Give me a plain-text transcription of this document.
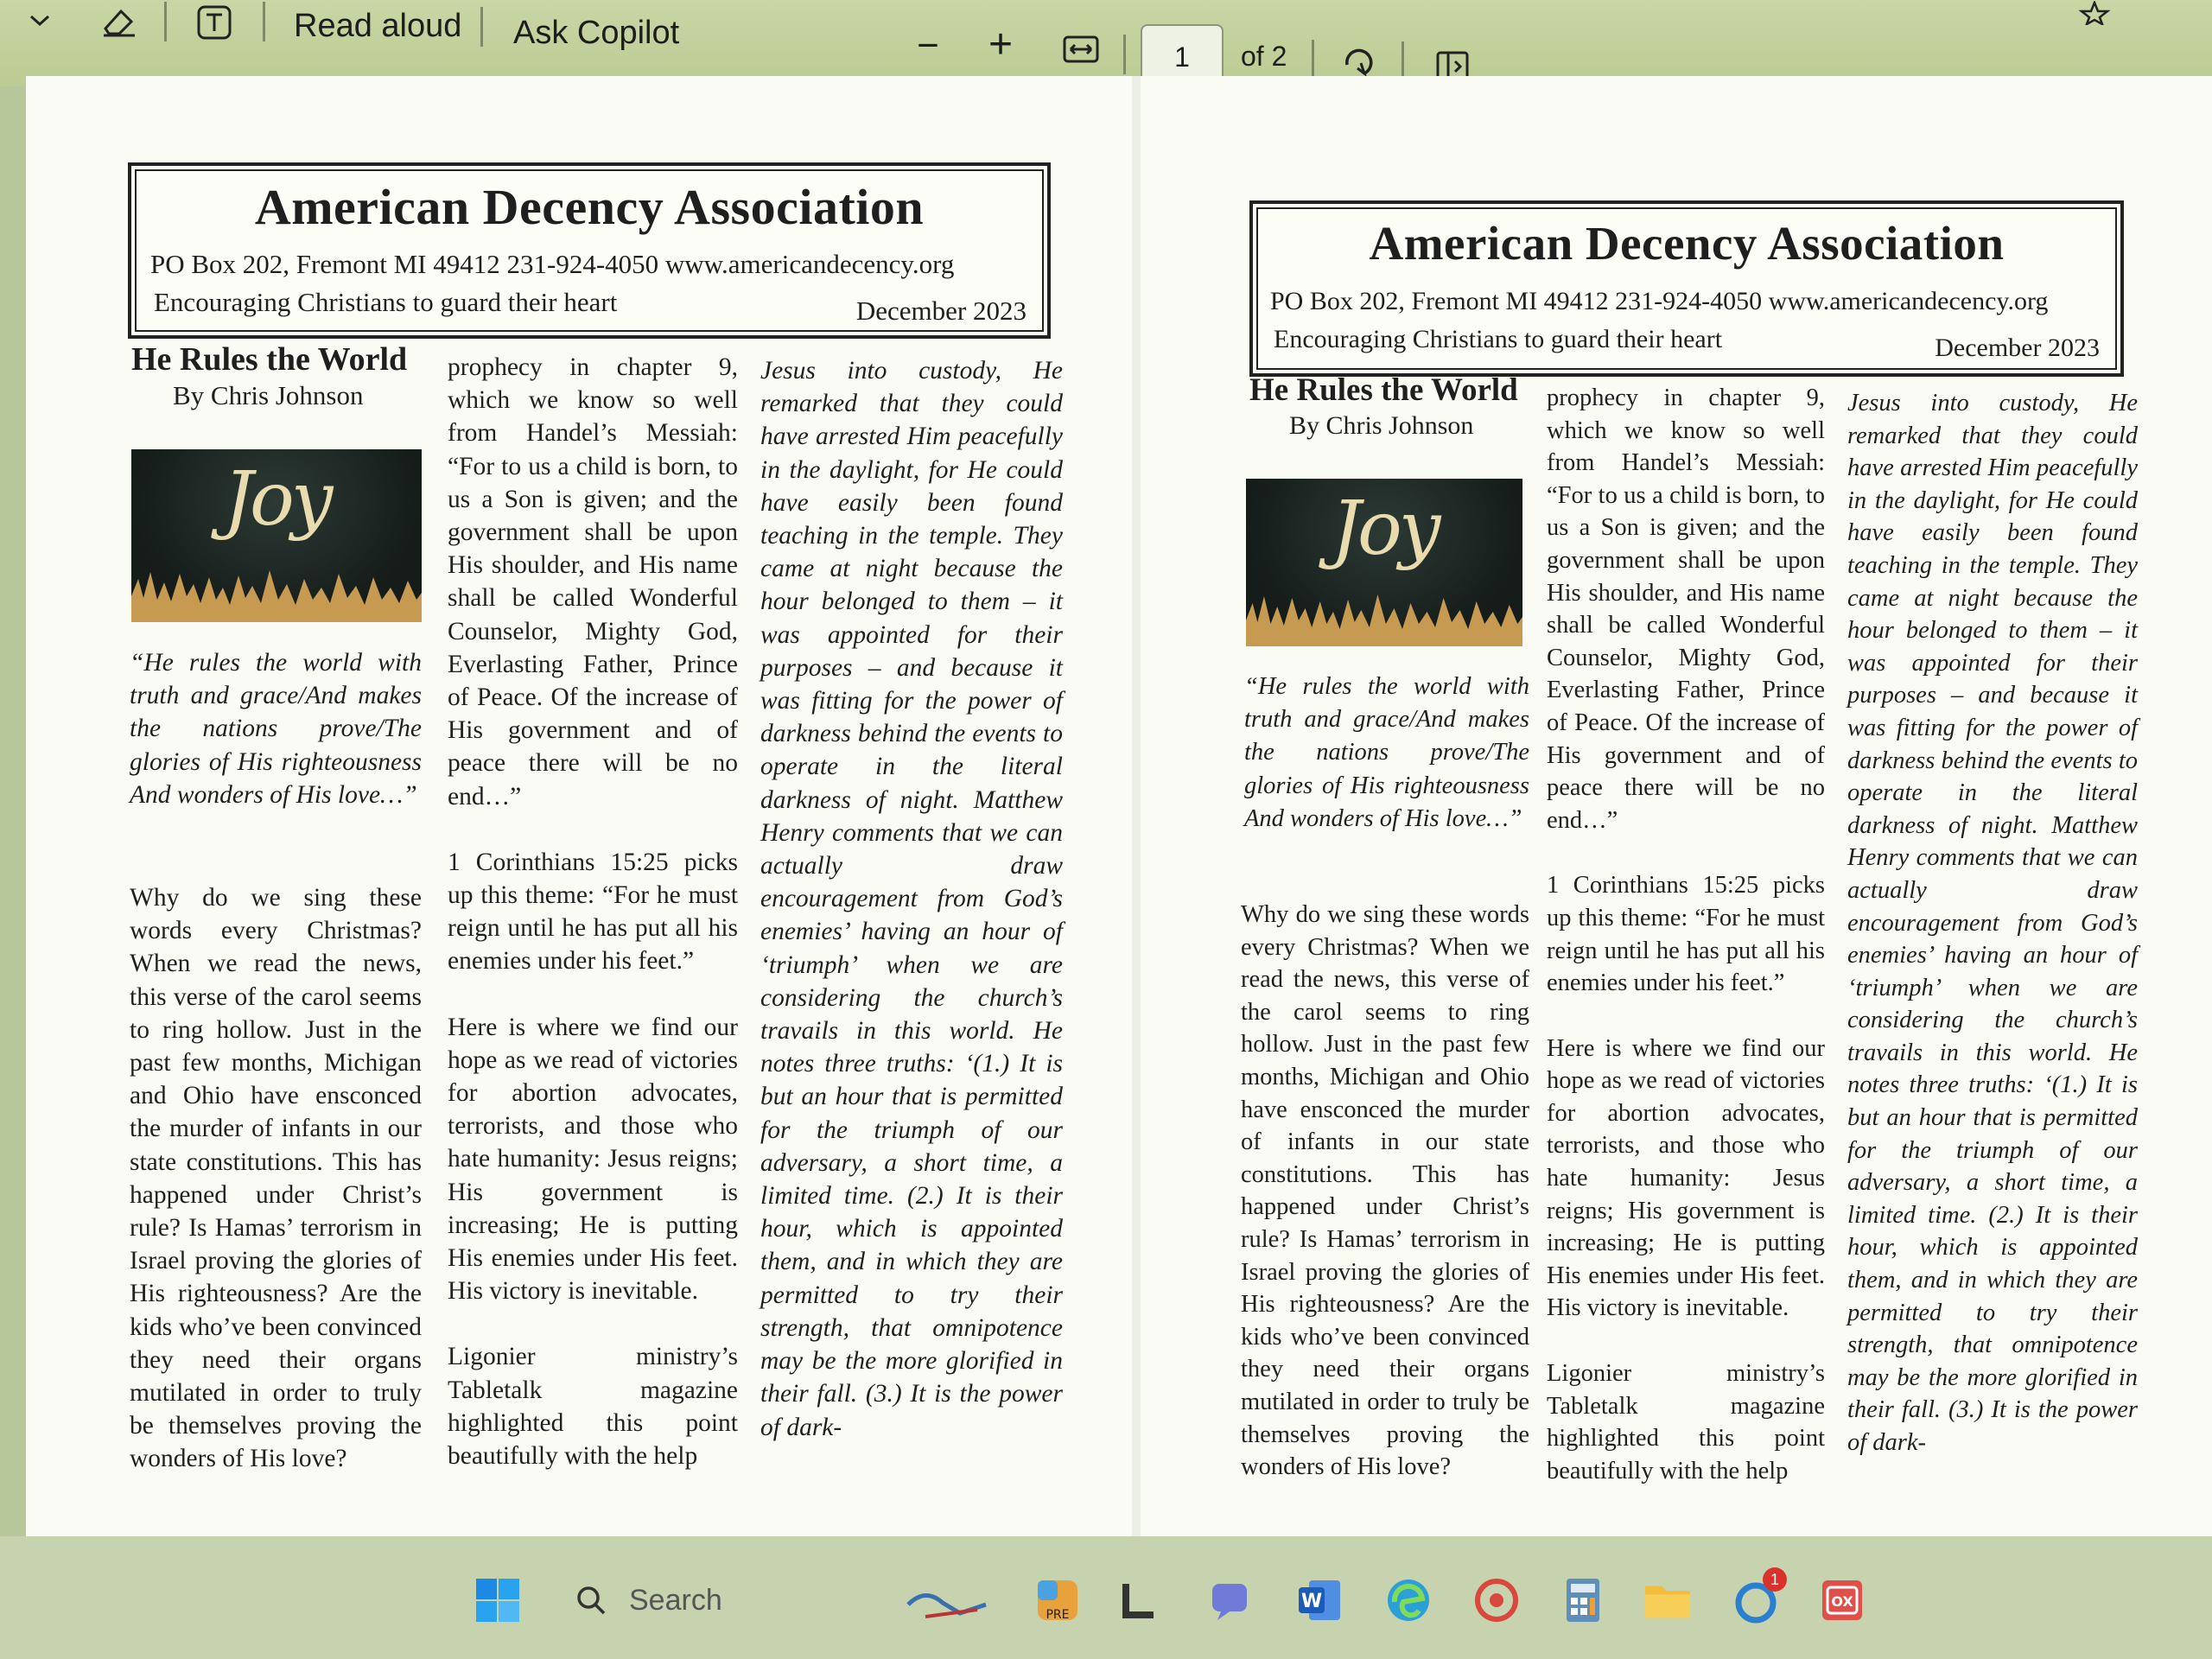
Read aloud Ask Copilot	− +	1	of 2
American Decency Association
PO Box 202, Fremont MI 49412 231-924-4050 www.americandecency.org
Encouraging Christians to guard their heart	December 2023
He Rules the World
By Chris Johnson
Joy

“He rules the world with truth and grace/And makes the nations prove/The glories of His righteousness And wonders of His love…”

Why do we sing these words every Christmas? When we read the news, this verse of the carol seems to ring hollow. Just in the past few months, Michigan and Ohio have ensconced the murder of infants in our state constitutions. This has happened under Christ’s rule? Is Hamas’ terrorism in Israel proving the glories of His righteousness? Are the kids who’ve been convinced they need their organs mutilated in order to truly be themselves proving the wonders of His love?

prophecy in chapter 9, which we know so well from Handel’s Messiah: “For to us a child is born, to us a Son is given; and the government shall be upon His shoulder, and His name shall be called Wonderful Counselor, Mighty God, Everlasting Father, Prince of Peace. Of the increase of His government and of peace there will be no end…”

1 Corinthians 15:25 picks up this theme: “For he must reign until he has put all his enemies under his feet.”

Here is where we find our hope as we read of victories for abortion advocates, terrorists, and those who hate humanity: Jesus reigns; His government is increasing; He is putting His enemies under His feet. His victory is inevitable.

Ligonier ministry’s Tabletalk magazine highlighted this point beautifully with the help

Jesus into custody, He remarked that they could have arrested Him peacefully in the daylight, for He could have easily been found teaching in the temple. They came at night because the hour belonged to them – it was appointed for their purposes – and because it was fitting for the power of darkness behind the events to operate in the literal darkness of night. Matthew Henry comments that we can actually draw encouragement from God’s enemies’ having an hour of ‘triumph’ when we are considering the church’s travails in this world. He notes three truths: ‘(1.) It is but an hour that is permitted for the triumph of our adversary, a short time, a limited time. (2.) It is their hour, which is appointed them, and in which they are permitted to try their strength, that omnipotence may be the more glorified in their fall. (3.) It is the power of dark-

American Decency Association
PO Box 202, Fremont MI 49412 231-924-4050 www.americandecency.org
Encouraging Christians to guard their heart	December 2023
He Rules the World
By Chris Johnson
Joy

“He rules the world with truth and grace/And makes the nations prove/The glories of His righteousness And wonders of His love…”

Why do we sing these words every Christmas? When we read the news, this verse of the carol seems to ring hollow. Just in the past few months, Michigan and Ohio have ensconced the murder of infants in our state constitutions. This has happened under Christ’s rule? Is Hamas’ terrorism in Israel proving the glories of His righteousness? Are the kids who’ve been convinced they need their organs mutilated in order to truly be themselves proving the wonders of His love?

prophecy in chapter 9, which we know so well from Handel’s Messiah: “For to us a child is born, to us a Son is given; and the government shall be upon His shoulder, and His name shall be called Wonderful Counselor, Mighty God, Everlasting Father, Prince of Peace. Of the increase of His government and of peace there will be no end…”

1 Corinthians 15:25 picks up this theme: “For he must reign until he has put all his enemies under his feet.”

Here is where we find our hope as we read of victories for abortion advocates, terrorists, and those who hate humanity: Jesus reigns; His government is increasing; He is putting His enemies under His feet. His victory is inevitable.

Ligonier ministry’s Tabletalk magazine highlighted this point beautifully with the help

Jesus into custody, He remarked that they could have arrested Him peacefully in the daylight, for He could have easily been found teaching in the temple. They came at night because the hour belonged to them – it was appointed for their purposes – and because it was fitting for the power of darkness behind the events to operate in the literal darkness of night. Matthew Henry comments that we can actually draw encouragement from God’s enemies’ having an hour of ‘triumph’ when we are considering the church’s travails in this world. He notes three truths: ‘(1.) It is but an hour that is permitted for the triumph of our adversary, a short time, a limited time. (2.) It is their hour, which is appointed them, and in which they are permitted to try their strength, that omnipotence may be the more glorified in their fall. (3.) It is the power of dark-

Search	PRE
W
1
OX
